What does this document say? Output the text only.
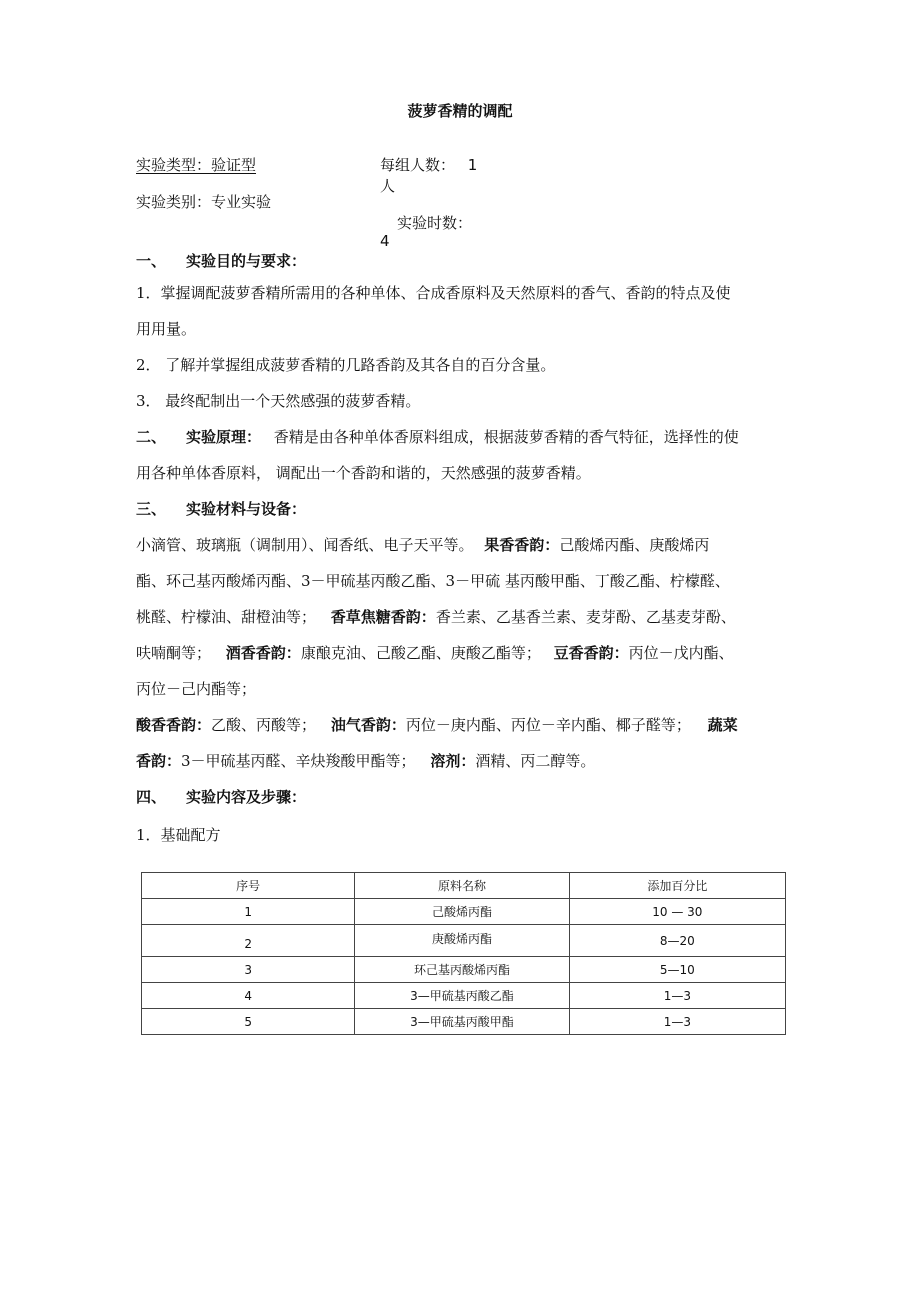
菠萝香精的调配
实验类型：验证型	每组人数： 1
人
实验类别：专业实验
实验时数：
4
一、 实验目的与要求：
1．掌握调配菠萝香精所需用的各种单体、合成香原料及天然原料的香气、香韵的特点及使
用用量。
2． 了解并掌握组成菠萝香精的几路香韵及其各自的百分含量。
3． 最终配制出一个天然感强的菠萝香精。
二、 实验原理： 香精是由各种单体香原料组成，根据菠萝香精的香气特征，选择性的使
用各种单体香原料， 调配出一个香韵和谐的，天然感强的菠萝香精。
三、 实验材料与设备：
小滴管、玻璃瓶（调制用）、闻香纸、电子天平等。 果香香韵：己酸烯丙酯、庚酸烯丙
酯、环己基丙酸烯丙酯、3－甲硫基丙酸乙酯、3－甲硫 基丙酸甲酯、丁酸乙酯、柠檬醛、
桃醛、柠檬油、甜橙油等； 香草焦糖香韵：香兰素、乙基香兰素、麦芽酚、乙基麦芽酚、
呋喃酮等； 酒香香韵：康酿克油、己酸乙酯、庚酸乙酯等； 豆香香韵：丙位－戊内酯、
丙位－己内酯等；
酸香香韵：乙酸、丙酸等； 油气香韵：丙位－庚内酯、丙位－辛内酯、椰子醛等； 蔬菜
香韵：3－甲硫基丙醛、辛炔羧酸甲酯等； 溶剂：酒精、丙二醇等。
四、 实验内容及步骤：
1．基础配方
序号	原料名称	添加百分比
1	己酸烯丙酯	10 — 30
2	庚酸烯丙酯	8—20
3	环己基丙酸烯丙酯	5—10
4	3—甲硫基丙酸乙酯	1—3
5	3—甲硫基丙酸甲酯	1—3
